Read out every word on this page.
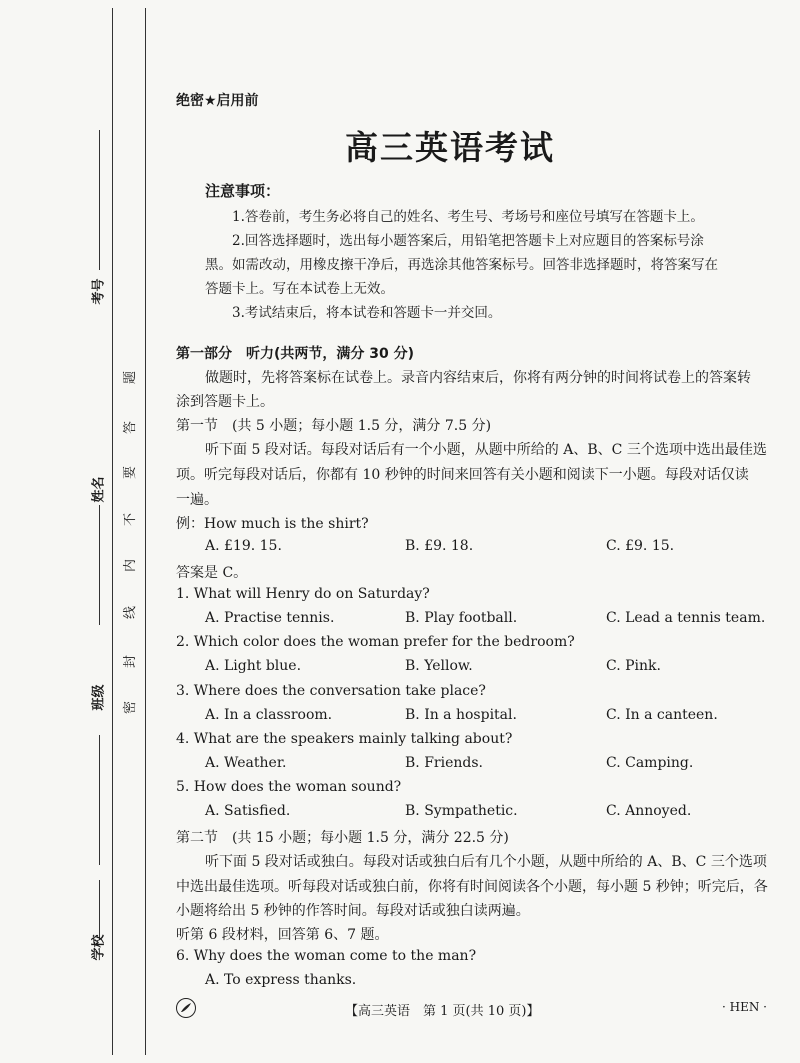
考号
姓名
班级
学校
题
答
要
不
内
线
封
密
绝密★启用前
高三英语考试
注意事项：
1.答卷前，考生务必将自己的姓名、考生号、考场号和座位号填写在答题卡上。
2.回答选择题时，选出每小题答案后，用铅笔把答题卡上对应题目的答案标号涂
黑。如需改动，用橡皮擦干净后，再选涂其他答案标号。回答非选择题时，将答案写在
答题卡上。写在本试卷上无效。
3.考试结束后，将本试卷和答题卡一并交回。
第一部分　听力(共两节，满分 30 分)
做题时，先将答案标在试卷上。录音内容结束后，你将有两分钟的时间将试卷上的答案转
涂到答题卡上。
第一节　(共 5 小题；每小题 1.5 分，满分 7.5 分)
听下面 5 段对话。每段对话后有一个小题，从题中所给的 A、B、C 三个选项中选出最佳选
项。听完每段对话后，你都有 10 秒钟的时间来回答有关小题和阅读下一小题。每段对话仅读
一遍。
例：How much is the shirt?
A. £19. 15.	B. £9. 18.	C. £9. 15.
答案是 C。
1. What will Henry do on Saturday?
A. Practise tennis.	B. Play football.	C. Lead a tennis team.
2. Which color does the woman prefer for the bedroom?
A. Light blue.	B. Yellow.	C. Pink.
3. Where does the conversation take place?
A. In a classroom.	B. In a hospital.	C. In a canteen.
4. What are the speakers mainly talking about?
A. Weather.	B. Friends.	C. Camping.
5. How does the woman sound?
A. Satisfied.	B. Sympathetic.	C. Annoyed.
第二节　(共 15 小题；每小题 1.5 分，满分 22.5 分)
听下面 5 段对话或独白。每段对话或独白后有几个小题，从题中所给的 A、B、C 三个选项
中选出最佳选项。听每段对话或独白前，你将有时间阅读各个小题，每小题 5 秒钟；听完后，各
小题将给出 5 秒钟的作答时间。每段对话或独白读两遍。
听第 6 段材料，回答第 6、7 题。
6. Why does the woman come to the man?
A. To express thanks.
【高三英语　第 1 页(共 10 页)】	· HEN ·
